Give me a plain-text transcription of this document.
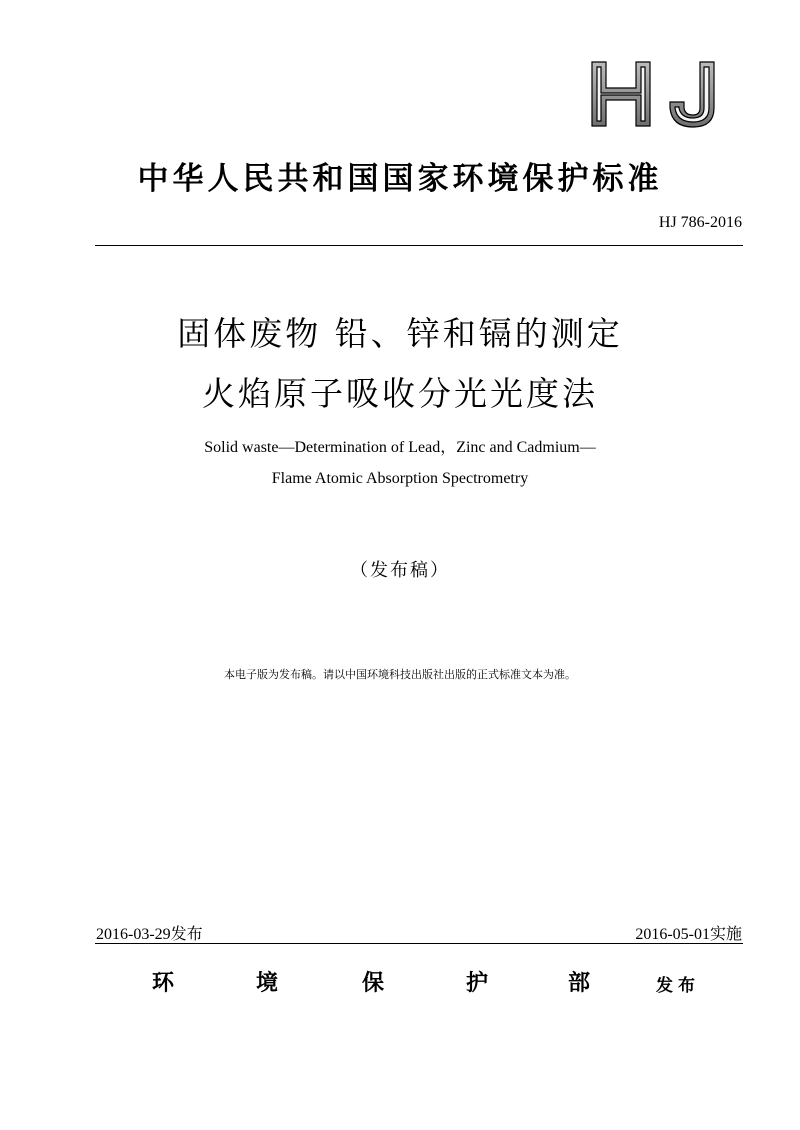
中华人民共和国国家环境保护标准
HJ 786-2016
固体废物 铅、锌和镉的测定
火焰原子吸收分光光度法
Solid waste—Determination of Lead，Zinc and Cadmium—
Flame Atomic Absorption Spectrometry
（发布稿）
本电子版为发布稿。请以中国环境科技出版社出版的正式标准文本为准。
2016-03-29发布	2016-05-01实施
环	境	保	护	部	发布
